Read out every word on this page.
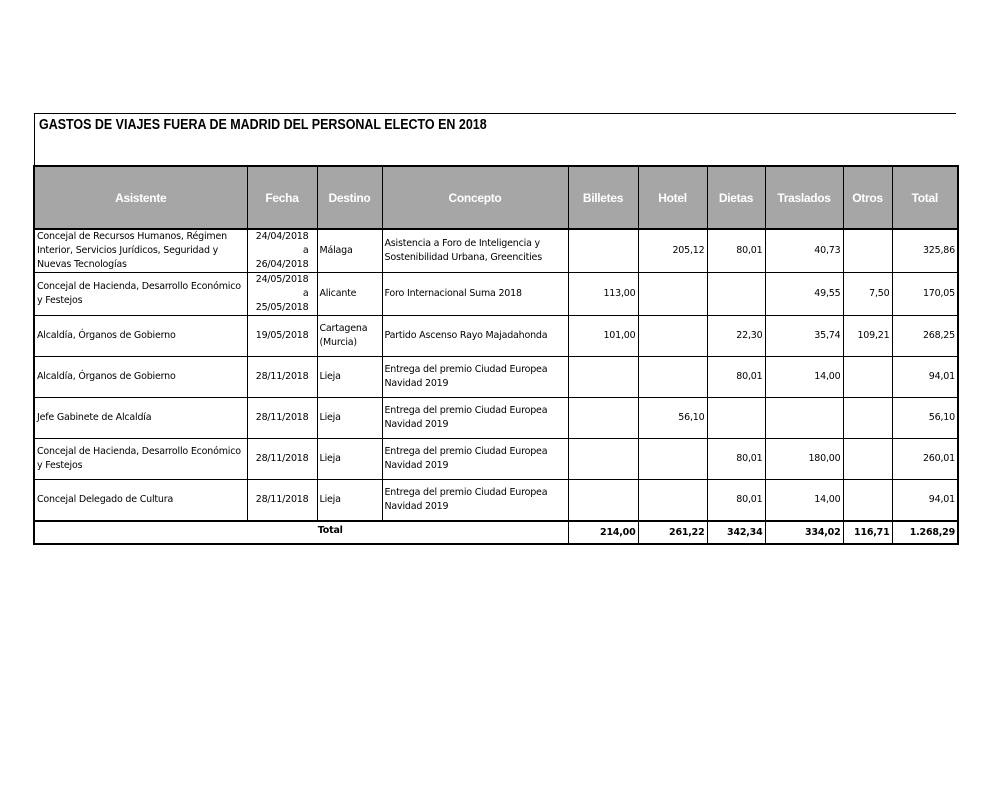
GASTOS DE VIAJES FUERA DE MADRID DEL PERSONAL ELECTO EN 2018
Asistente	Fecha	Destino	Concepto	Billetes	Hotel	Dietas	Traslados	Otros	Total
Concejal de Recursos Humanos, Régimen Interior, Servicios Jurídicos, Seguridad y Nuevas Tecnologías	24/04/2018 a 26/04/2018	Málaga	Asistencia a Foro de Inteligencia y Sostenibilidad Urbana, Greencities		205,12	80,01	40,73		325,86
Concejal de Hacienda, Desarrollo Económico y Festejos	24/05/2018 a 25/05/2018	Alicante	Foro Internacional Suma 2018	113,00			49,55	7,50	170,05
Alcaldía, Órganos de Gobierno	19/05/2018	Cartagena (Murcia)	Partido Ascenso Rayo Majadahonda	101,00		22,30	35,74	109,21	268,25
Alcaldía, Órganos de Gobierno	28/11/2018	Lieja	Entrega del premio Ciudad Europea Navidad 2019			80,01	14,00		94,01
Jefe Gabinete de Alcaldía	28/11/2018	Lieja	Entrega del premio Ciudad Europea Navidad 2019		56,10				56,10
Concejal de Hacienda, Desarrollo Económico y Festejos	28/11/2018	Lieja	Entrega del premio Ciudad Europea Navidad 2019			80,01	180,00		260,01
Concejal Delegado de Cultura	28/11/2018	Lieja	Entrega del premio Ciudad Europea Navidad 2019			80,01	14,00		94,01
Total				214,00	261,22	342,34	334,02	116,71	1.268,29
